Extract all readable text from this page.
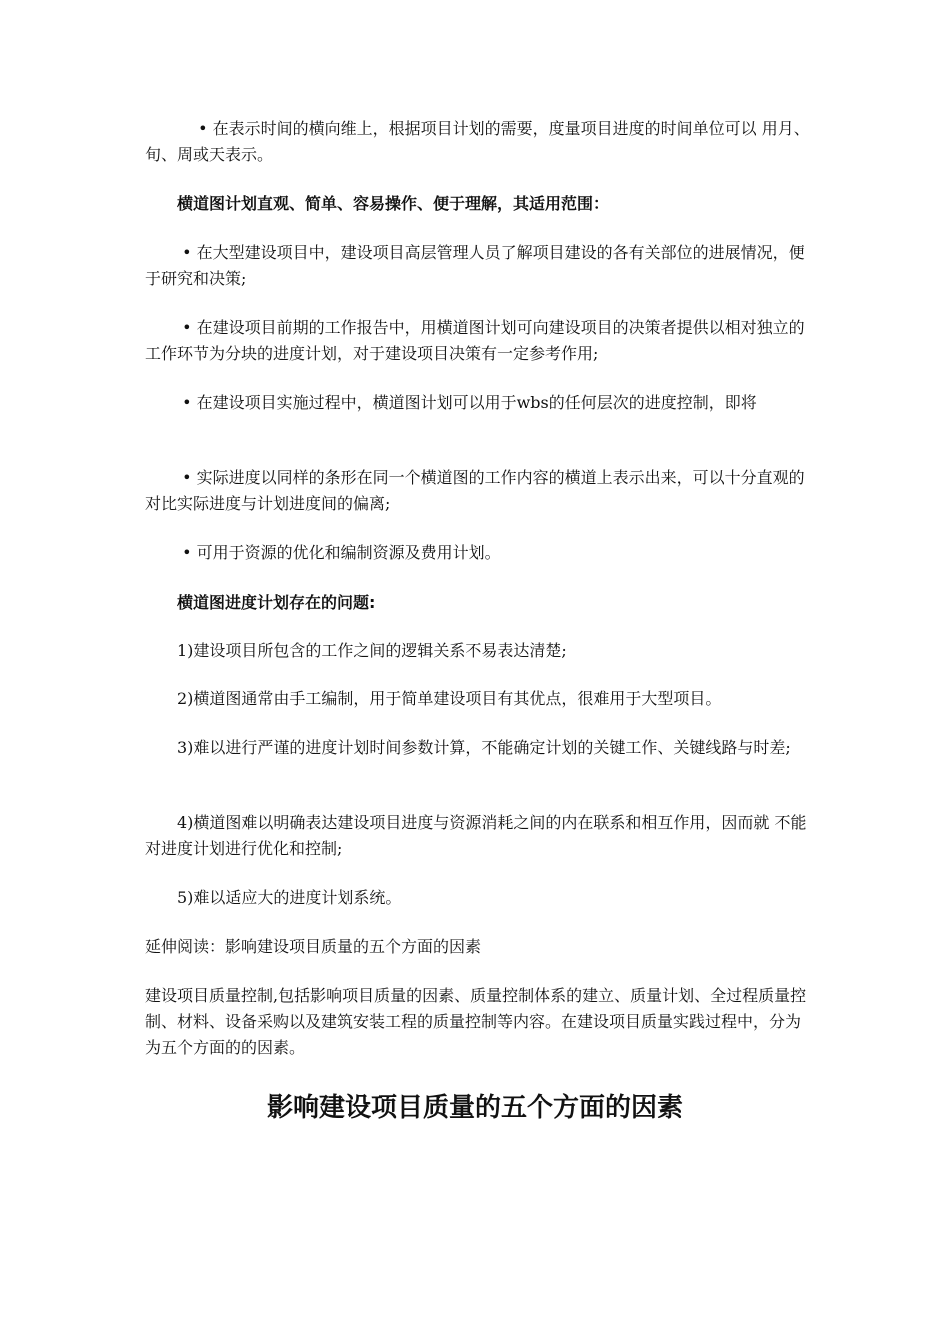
　　　 • 在表示时间的横向维上，根据项目计划的需要，度量项目进度的时间单位可以 用月、旬、周或天表示。

　　横道图计划直观、简单、容易操作、便于理解，其适用范围：

　　 • 在大型建设项目中，建设项目高层管理人员了解项目建设的各有关部位的进展情况，便于研究和决策;

　　 • 在建设项目前期的工作报告中，用横道图计划可向建设项目的决策者提供以相对独立的工作环节为分块的进度计划，对于建设项目决策有一定参考作用;

　　 • 在建设项目实施过程中，横道图计划可以用于wbs的任何层次的进度控制，即将

　　 • 实际进度以同样的条形在同一个横道图的工作内容的横道上表示出来，可以十分直观的对比实际进度与计划进度间的偏离;

　　 • 可用于资源的优化和编制资源及费用计划。

　　横道图进度计划存在的问题:

　　1)建设项目所包含的工作之间的逻辑关系不易表达清楚;

　　2)横道图通常由手工编制，用于简单建设项目有其优点，很难用于大型项目。

　　3)难以进行严谨的进度计划时间参数计算，不能确定计划的关键工作、关键线路与时差;

　　4)横道图难以明确表达建设项目进度与资源消耗之间的内在联系和相互作用，因而就 不能对进度计划进行优化和控制;

　　5)难以适应大的进度计划系统。

延伸阅读：影响建设项目质量的五个方面的因素

建设项目质量控制,包括影响项目质量的因素、质量控制体系的建立、质量计划、全过程质量控制、材料、设备采购以及建筑安装工程的质量控制等内容。在建设项目质量实践过程中，分为为五个方面的的因素。

影响建设项目质量的五个方面的因素
